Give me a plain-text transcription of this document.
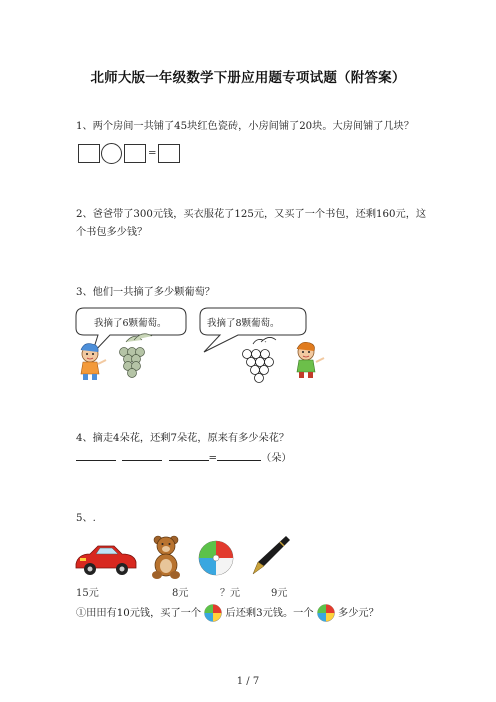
北师大版一年级数学下册应用题专项试题（附答案）
1、两个房间一共铺了45块红色瓷砖，小房间铺了20块。大房间铺了几块？
=
2、爸爸带了300元钱，买衣服花了125元，又买了一个书包，还剩160元，这
个书包多少钱？
3、他们一共摘了多少颗葡萄？
我摘了6颗葡萄。	我摘了8颗葡萄。
4、摘走4朵花，还剩7朵花，原来有多少朵花？
=	（朵）
5、.
15元	8元	？元	9元
①田田有10元钱，买了一个 后还剩3元钱。一个 多少元？
1 / 7
